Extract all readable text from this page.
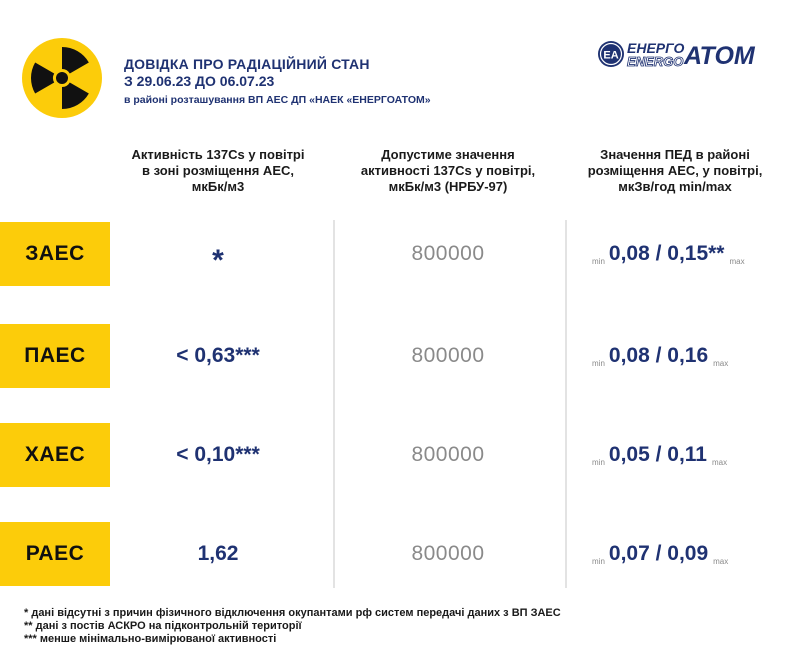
ДОВІДКА ПРО РАДІАЦІЙНИЙ СТАН
З 29.06.23 ДО 06.07.23
в районі розташування ВП АЕС ДП «НАЕК «ЕНЕРГОАТОМ»
ЕА ЕНЕРГО
ENERGO АТОМ
Активність 137Cs у повітрі
в зоні розміщення АЕС,
мкБк/м3
Допустиме значення
активності 137Cs у повітрі,
мкБк/м3 (НРБУ-97)
Значення ПЕД в районі
розміщення АЕС, у повітрі,
мкЗв/год min/max
ЗАЕС	*	800000	min 0,08 / 0,15** max
ПАЕС	< 0,63***	800000	min 0,08 / 0,16 max
ХАЕС	< 0,10***	800000	min 0,05 / 0,11 max
РАЕС	1,62	800000	min 0,07 / 0,09 max
* дані відсутні з причин фізичного відключення окупантами рф систем передачі даних з ВП ЗАЕС
** дані з постів АСКРО на підконтрольній території
*** менше мінімально-вимірюваної активності
